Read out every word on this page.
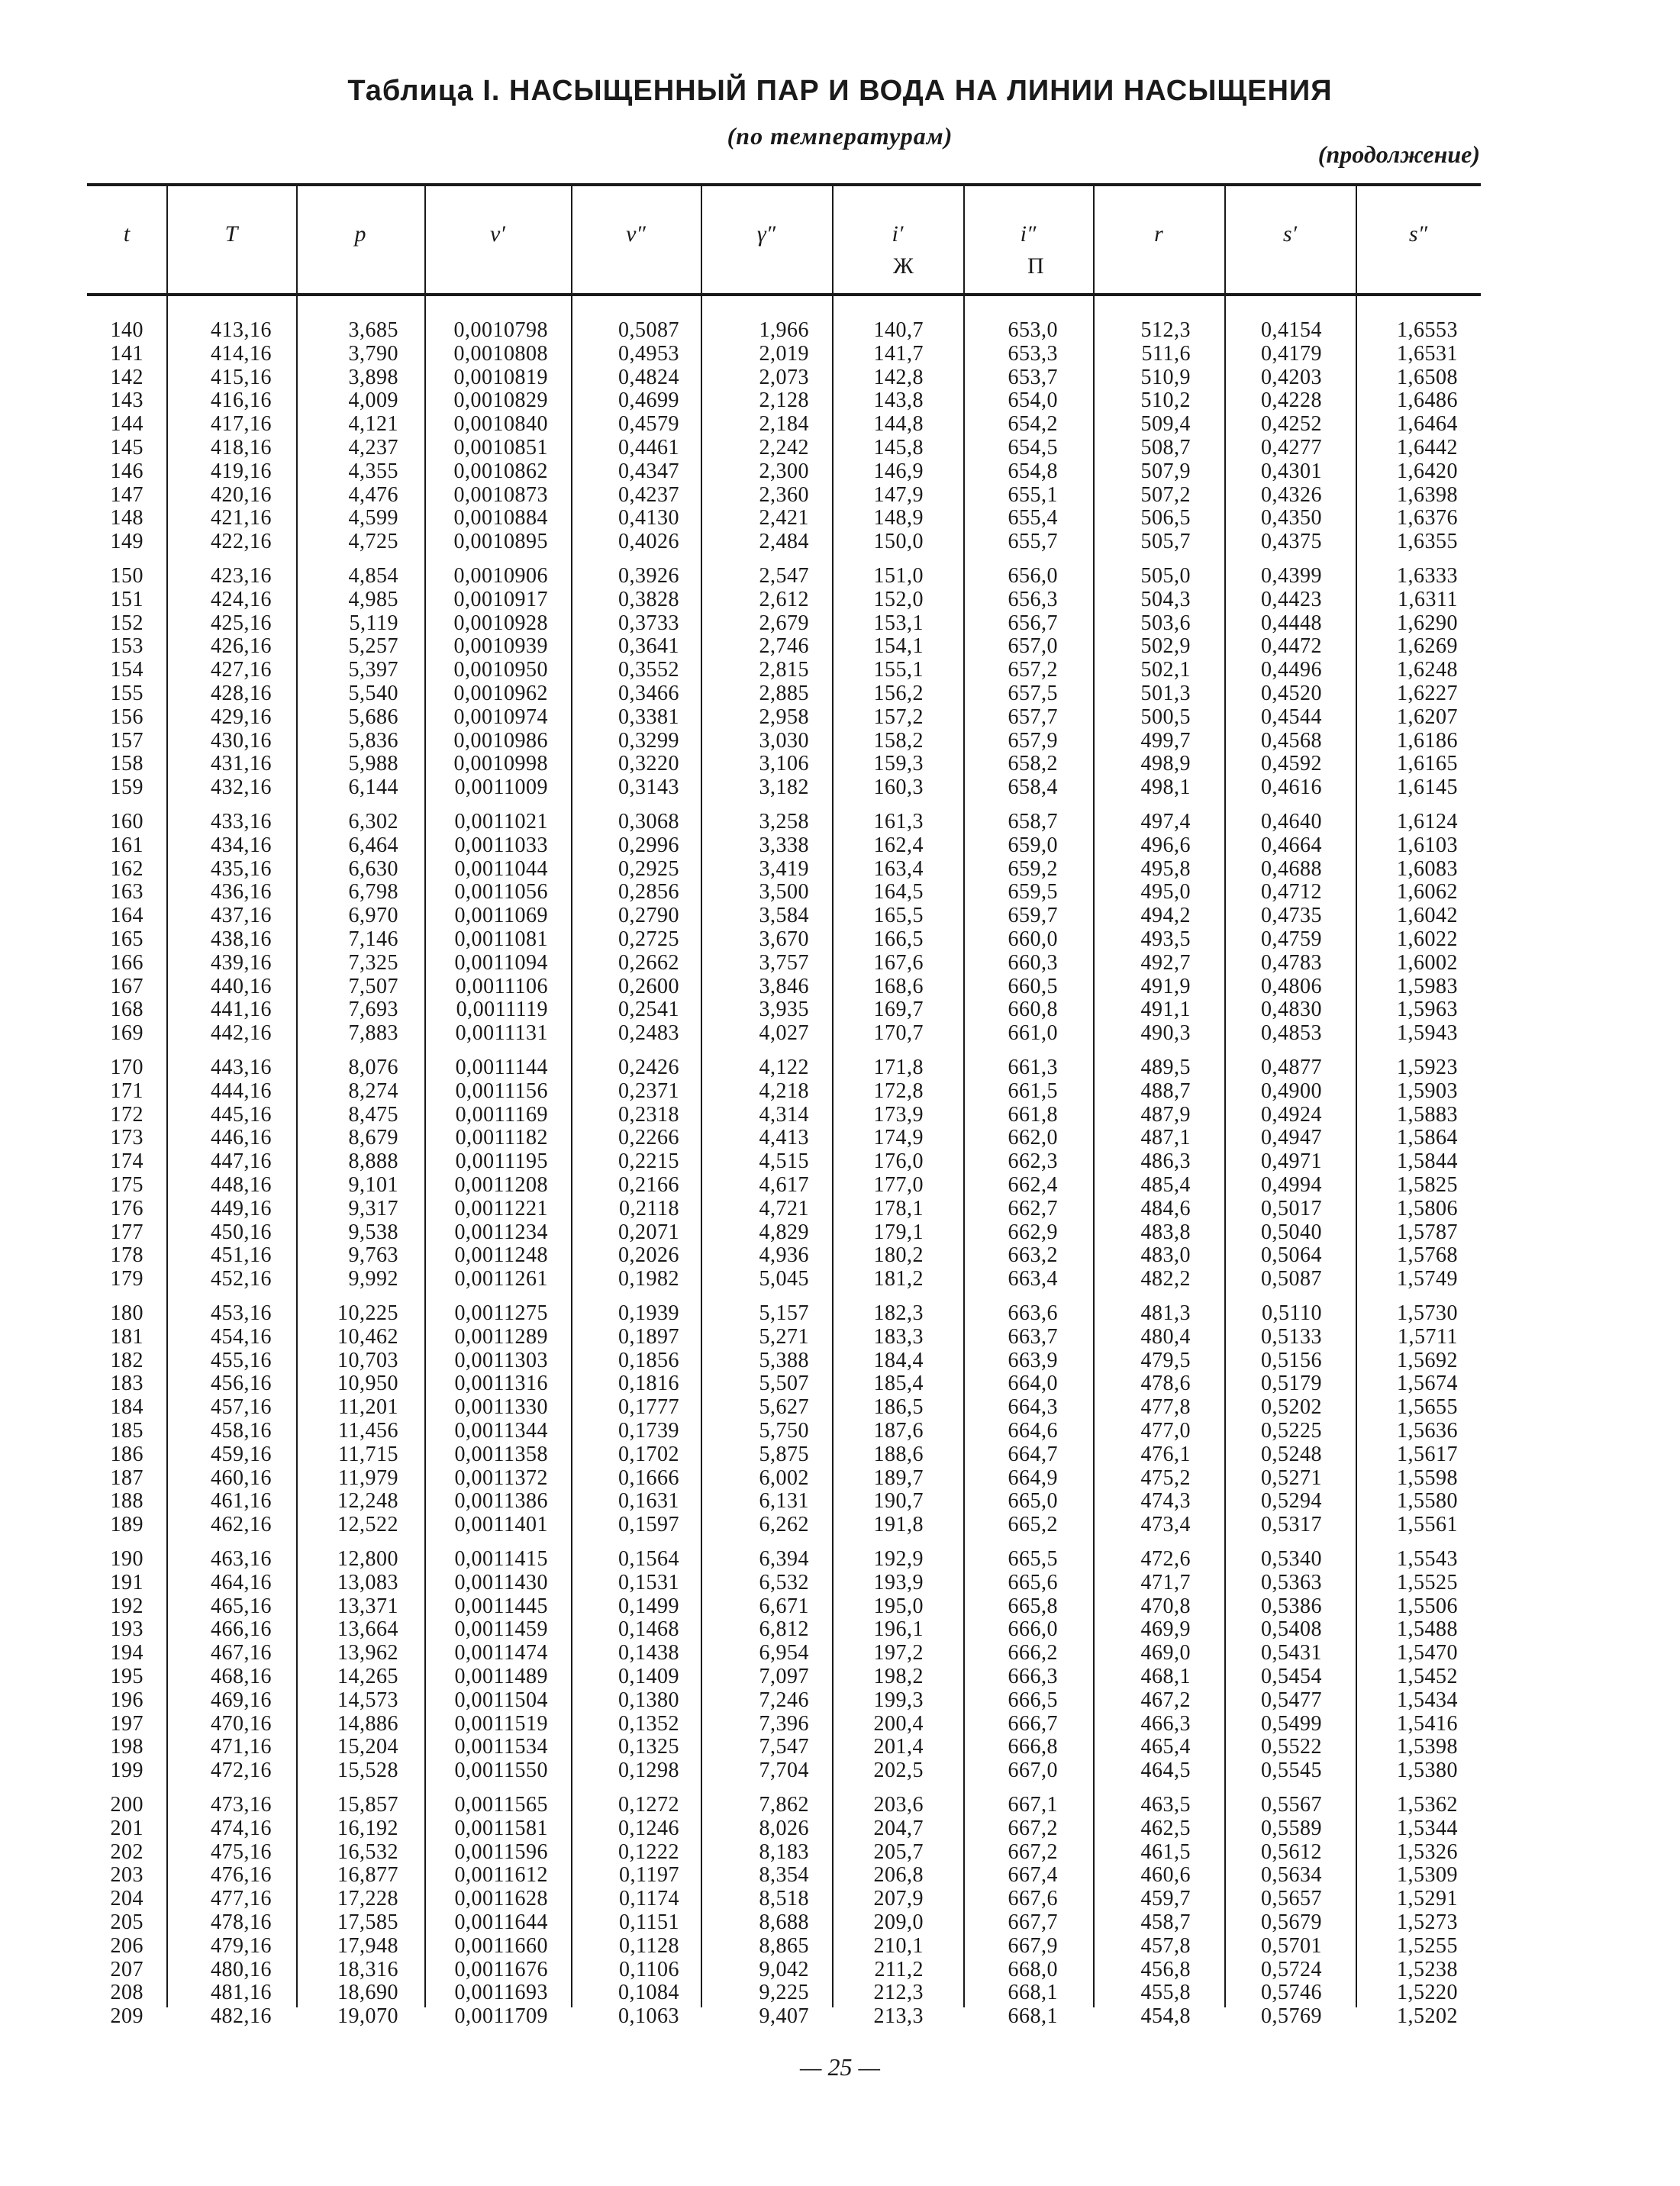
Таблица I. НАСЫЩЕННЫЙ ПАР И ВОДА НА ЛИНИИ НАСЫЩЕНИЯ
(по температурам)
(продолжение)
t	T	p	v′	v″	γ″	i′	i″	r	s′	s″
Ж	П
140	413,16	3,685	0,0010798	0,5087	1,966	140,7	653,0	512,3	0,4154	1,6553
141	414,16	3,790	0,0010808	0,4953	2,019	141,7	653,3	511,6	0,4179	1,6531
142	415,16	3,898	0,0010819	0,4824	2,073	142,8	653,7	510,9	0,4203	1,6508
143	416,16	4,009	0,0010829	0,4699	2,128	143,8	654,0	510,2	0,4228	1,6486
144	417,16	4,121	0,0010840	0,4579	2,184	144,8	654,2	509,4	0,4252	1,6464
145	418,16	4,237	0,0010851	0,4461	2,242	145,8	654,5	508,7	0,4277	1,6442
146	419,16	4,355	0,0010862	0,4347	2,300	146,9	654,8	507,9	0,4301	1,6420
147	420,16	4,476	0,0010873	0,4237	2,360	147,9	655,1	507,2	0,4326	1,6398
148	421,16	4,599	0,0010884	0,4130	2,421	148,9	655,4	506,5	0,4350	1,6376
149	422,16	4,725	0,0010895	0,4026	2,484	150,0	655,7	505,7	0,4375	1,6355
150	423,16	4,854	0,0010906	0,3926	2,547	151,0	656,0	505,0	0,4399	1,6333
151	424,16	4,985	0,0010917	0,3828	2,612	152,0	656,3	504,3	0,4423	1,6311
152	425,16	5,119	0,0010928	0,3733	2,679	153,1	656,7	503,6	0,4448	1,6290
153	426,16	5,257	0,0010939	0,3641	2,746	154,1	657,0	502,9	0,4472	1,6269
154	427,16	5,397	0,0010950	0,3552	2,815	155,1	657,2	502,1	0,4496	1,6248
155	428,16	5,540	0,0010962	0,3466	2,885	156,2	657,5	501,3	0,4520	1,6227
156	429,16	5,686	0,0010974	0,3381	2,958	157,2	657,7	500,5	0,4544	1,6207
157	430,16	5,836	0,0010986	0,3299	3,030	158,2	657,9	499,7	0,4568	1,6186
158	431,16	5,988	0,0010998	0,3220	3,106	159,3	658,2	498,9	0,4592	1,6165
159	432,16	6,144	0,0011009	0,3143	3,182	160,3	658,4	498,1	0,4616	1,6145
160	433,16	6,302	0,0011021	0,3068	3,258	161,3	658,7	497,4	0,4640	1,6124
161	434,16	6,464	0,0011033	0,2996	3,338	162,4	659,0	496,6	0,4664	1,6103
162	435,16	6,630	0,0011044	0,2925	3,419	163,4	659,2	495,8	0,4688	1,6083
163	436,16	6,798	0,0011056	0,2856	3,500	164,5	659,5	495,0	0,4712	1,6062
164	437,16	6,970	0,0011069	0,2790	3,584	165,5	659,7	494,2	0,4735	1,6042
165	438,16	7,146	0,0011081	0,2725	3,670	166,5	660,0	493,5	0,4759	1,6022
166	439,16	7,325	0,0011094	0,2662	3,757	167,6	660,3	492,7	0,4783	1,6002
167	440,16	7,507	0,0011106	0,2600	3,846	168,6	660,5	491,9	0,4806	1,5983
168	441,16	7,693	0,0011119	0,2541	3,935	169,7	660,8	491,1	0,4830	1,5963
169	442,16	7,883	0,0011131	0,2483	4,027	170,7	661,0	490,3	0,4853	1,5943
170	443,16	8,076	0,0011144	0,2426	4,122	171,8	661,3	489,5	0,4877	1,5923
171	444,16	8,274	0,0011156	0,2371	4,218	172,8	661,5	488,7	0,4900	1,5903
172	445,16	8,475	0,0011169	0,2318	4,314	173,9	661,8	487,9	0,4924	1,5883
173	446,16	8,679	0,0011182	0,2266	4,413	174,9	662,0	487,1	0,4947	1,5864
174	447,16	8,888	0,0011195	0,2215	4,515	176,0	662,3	486,3	0,4971	1,5844
175	448,16	9,101	0,0011208	0,2166	4,617	177,0	662,4	485,4	0,4994	1,5825
176	449,16	9,317	0,0011221	0,2118	4,721	178,1	662,7	484,6	0,5017	1,5806
177	450,16	9,538	0,0011234	0,2071	4,829	179,1	662,9	483,8	0,5040	1,5787
178	451,16	9,763	0,0011248	0,2026	4,936	180,2	663,2	483,0	0,5064	1,5768
179	452,16	9,992	0,0011261	0,1982	5,045	181,2	663,4	482,2	0,5087	1,5749
180	453,16	10,225	0,0011275	0,1939	5,157	182,3	663,6	481,3	0,5110	1,5730
181	454,16	10,462	0,0011289	0,1897	5,271	183,3	663,7	480,4	0,5133	1,5711
182	455,16	10,703	0,0011303	0,1856	5,388	184,4	663,9	479,5	0,5156	1,5692
183	456,16	10,950	0,0011316	0,1816	5,507	185,4	664,0	478,6	0,5179	1,5674
184	457,16	11,201	0,0011330	0,1777	5,627	186,5	664,3	477,8	0,5202	1,5655
185	458,16	11,456	0,0011344	0,1739	5,750	187,6	664,6	477,0	0,5225	1,5636
186	459,16	11,715	0,0011358	0,1702	5,875	188,6	664,7	476,1	0,5248	1,5617
187	460,16	11,979	0,0011372	0,1666	6,002	189,7	664,9	475,2	0,5271	1,5598
188	461,16	12,248	0,0011386	0,1631	6,131	190,7	665,0	474,3	0,5294	1,5580
189	462,16	12,522	0,0011401	0,1597	6,262	191,8	665,2	473,4	0,5317	1,5561
190	463,16	12,800	0,0011415	0,1564	6,394	192,9	665,5	472,6	0,5340	1,5543
191	464,16	13,083	0,0011430	0,1531	6,532	193,9	665,6	471,7	0,5363	1,5525
192	465,16	13,371	0,0011445	0,1499	6,671	195,0	665,8	470,8	0,5386	1,5506
193	466,16	13,664	0,0011459	0,1468	6,812	196,1	666,0	469,9	0,5408	1,5488
194	467,16	13,962	0,0011474	0,1438	6,954	197,2	666,2	469,0	0,5431	1,5470
195	468,16	14,265	0,0011489	0,1409	7,097	198,2	666,3	468,1	0,5454	1,5452
196	469,16	14,573	0,0011504	0,1380	7,246	199,3	666,5	467,2	0,5477	1,5434
197	470,16	14,886	0,0011519	0,1352	7,396	200,4	666,7	466,3	0,5499	1,5416
198	471,16	15,204	0,0011534	0,1325	7,547	201,4	666,8	465,4	0,5522	1,5398
199	472,16	15,528	0,0011550	0,1298	7,704	202,5	667,0	464,5	0,5545	1,5380
200	473,16	15,857	0,0011565	0,1272	7,862	203,6	667,1	463,5	0,5567	1,5362
201	474,16	16,192	0,0011581	0,1246	8,026	204,7	667,2	462,5	0,5589	1,5344
202	475,16	16,532	0,0011596	0,1222	8,183	205,7	667,2	461,5	0,5612	1,5326
203	476,16	16,877	0,0011612	0,1197	8,354	206,8	667,4	460,6	0,5634	1,5309
204	477,16	17,228	0,0011628	0,1174	8,518	207,9	667,6	459,7	0,5657	1,5291
205	478,16	17,585	0,0011644	0,1151	8,688	209,0	667,7	458,7	0,5679	1,5273
206	479,16	17,948	0,0011660	0,1128	8,865	210,1	667,9	457,8	0,5701	1,5255
207	480,16	18,316	0,0011676	0,1106	9,042	211,2	668,0	456,8	0,5724	1,5238
208	481,16	18,690	0,0011693	0,1084	9,225	212,3	668,1	455,8	0,5746	1,5220
209	482,16	19,070	0,0011709	0,1063	9,407	213,3	668,1	454,8	0,5769	1,5202
— 25 —
